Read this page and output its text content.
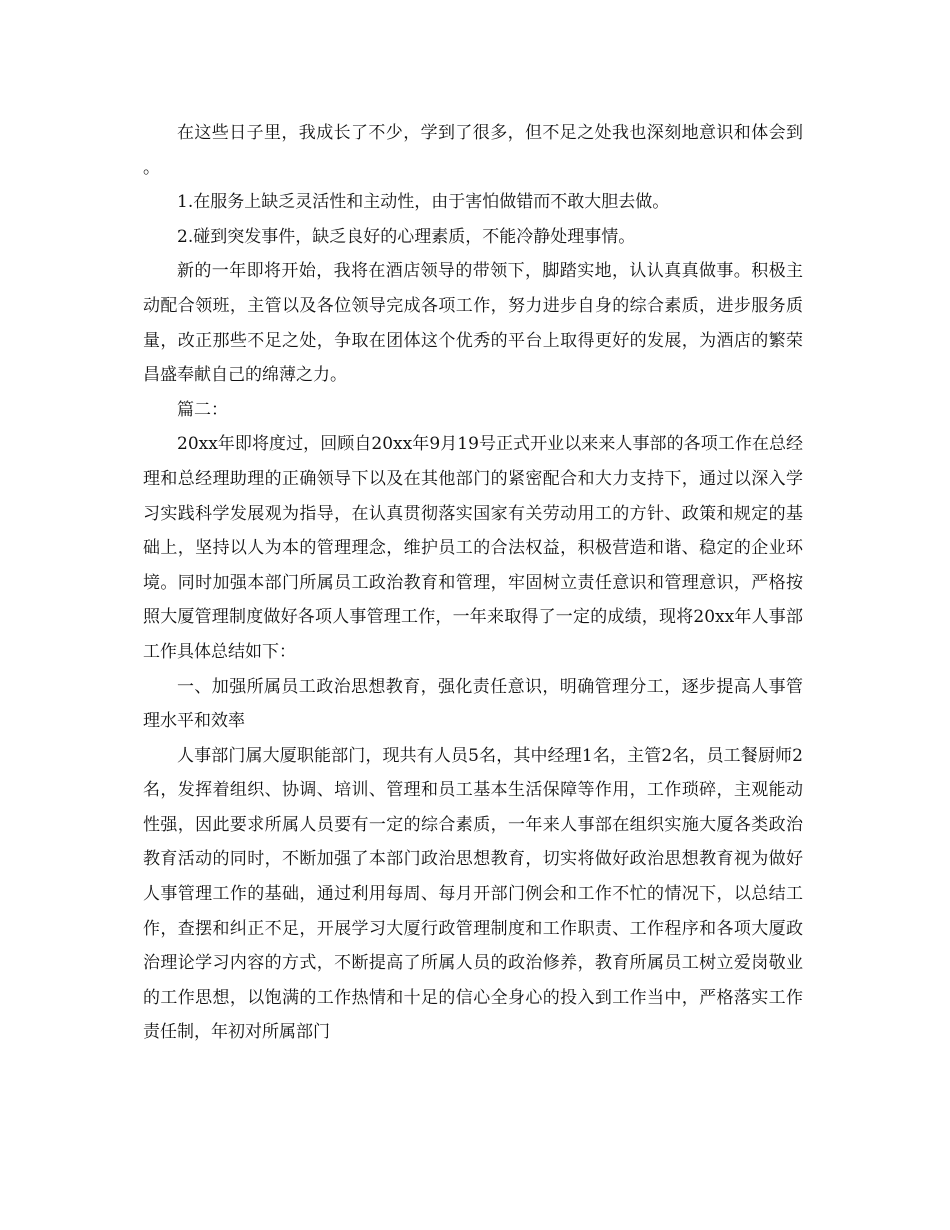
在这些日子里，我成长了不少，学到了很多，但不足之处我也深刻地意识和体会到。

1.在服务上缺乏灵活性和主动性，由于害怕做错而不敢大胆去做。

2.碰到突发事件，缺乏良好的心理素质，不能冷静处理事情。

新的一年即将开始，我将在酒店领导的带领下，脚踏实地，认认真真做事。积极主动配合领班，主管以及各位领导完成各项工作，努力进步自身的综合素质，进步服务质量，改正那些不足之处，争取在团体这个优秀的平台上取得更好的发展，为酒店的繁荣昌盛奉献自己的绵薄之力。

篇二：

20xx年即将度过，回顾自20xx年9月19号正式开业以来来人事部的各项工作在总经理和总经理助理的正确领导下以及在其他部门的紧密配合和大力支持下，通过以深入学习实践科学发展观为指导，在认真贯彻落实国家有关劳动用工的方针、政策和规定的基础上，坚持以人为本的管理理念，维护员工的合法权益，积极营造和谐、稳定的企业环境。同时加强本部门所属员工政治教育和管理，牢固树立责任意识和管理意识，严格按照大厦管理制度做好各项人事管理工作，一年来取得了一定的成绩，现将20xx年人事部工作具体总结如下：

一、加强所属员工政治思想教育，强化责任意识，明确管理分工，逐步提高人事管理水平和效率

人事部门属大厦职能部门，现共有人员5名，其中经理1名，主管2名，员工餐厨师2名，发挥着组织、协调、培训、管理和员工基本生活保障等作用，工作琐碎，主观能动性强，因此要求所属人员要有一定的综合素质，一年来人事部在组织实施大厦各类政治教育活动的同时，不断加强了本部门政治思想教育，切实将做好政治思想教育视为做好人事管理工作的基础，通过利用每周、每月开部门例会和工作不忙的情况下，以总结工作，查摆和纠正不足，开展学习大厦行政管理制度和工作职责、工作程序和各项大厦政治理论学习内容的方式，不断提高了所属人员的政治修养，教育所属员工树立爱岗敬业的工作思想，以饱满的工作热情和十足的信心全身心的投入到工作当中，严格落实工作责任制，年初对所属部门
